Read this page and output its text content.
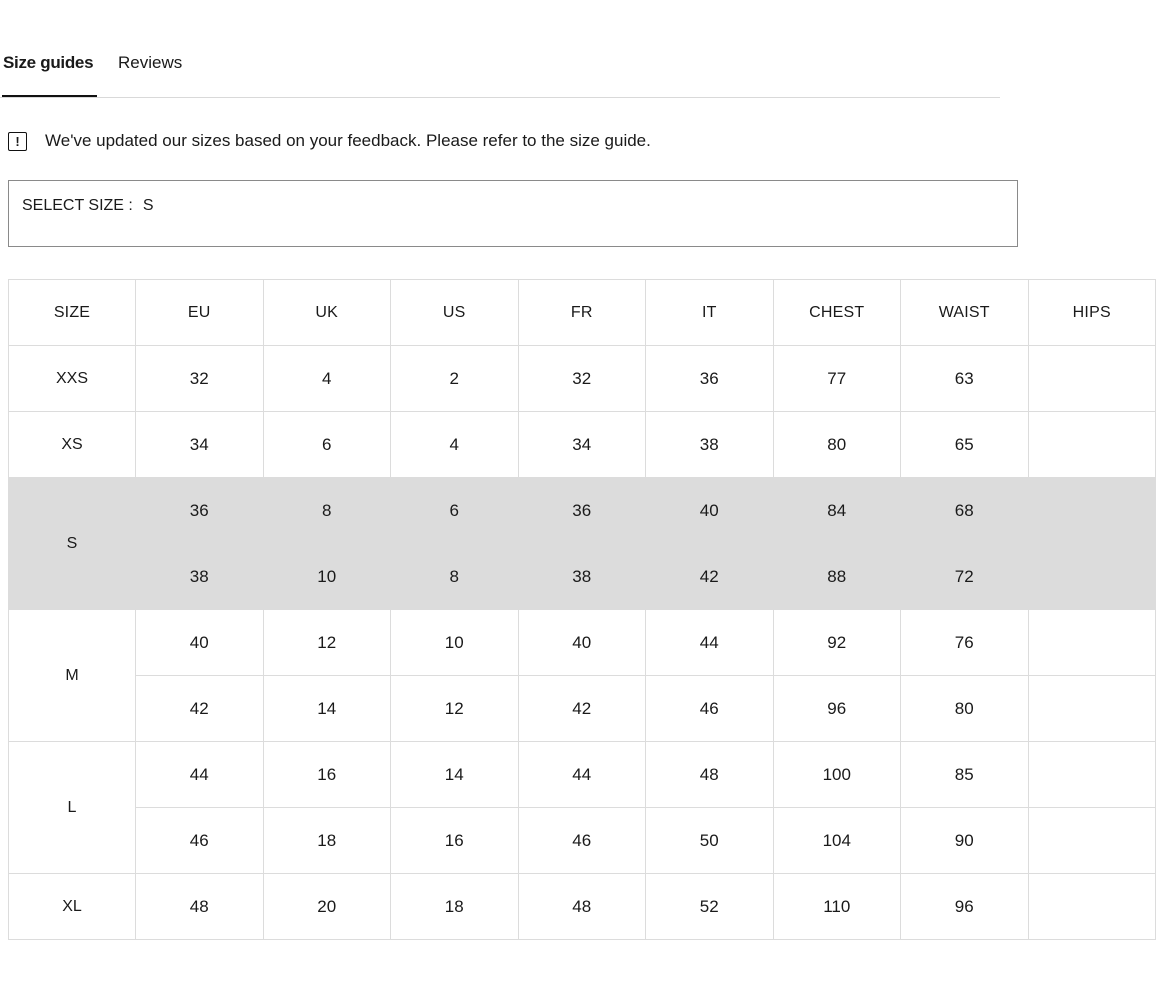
Size guides Reviews
!	We've updated our sizes based on your feedback. Please refer to the size guide.
SELECT SIZE : S
SIZE	EU	UK	US	FR	IT	CHEST	WAIST	HIPS
XXS	32	4	2	32	36	77	63	
XS	34	6	4	34	38	80	65	
S	36	8	6	36	40	84	68	
	38	10	8	38	42	88	72	
M	40	12	10	40	44	92	76	
	42	14	12	42	46	96	80	
L	44	16	14	44	48	100	85	
	46	18	16	46	50	104	90	
XL	48	20	18	48	52	110	96	
